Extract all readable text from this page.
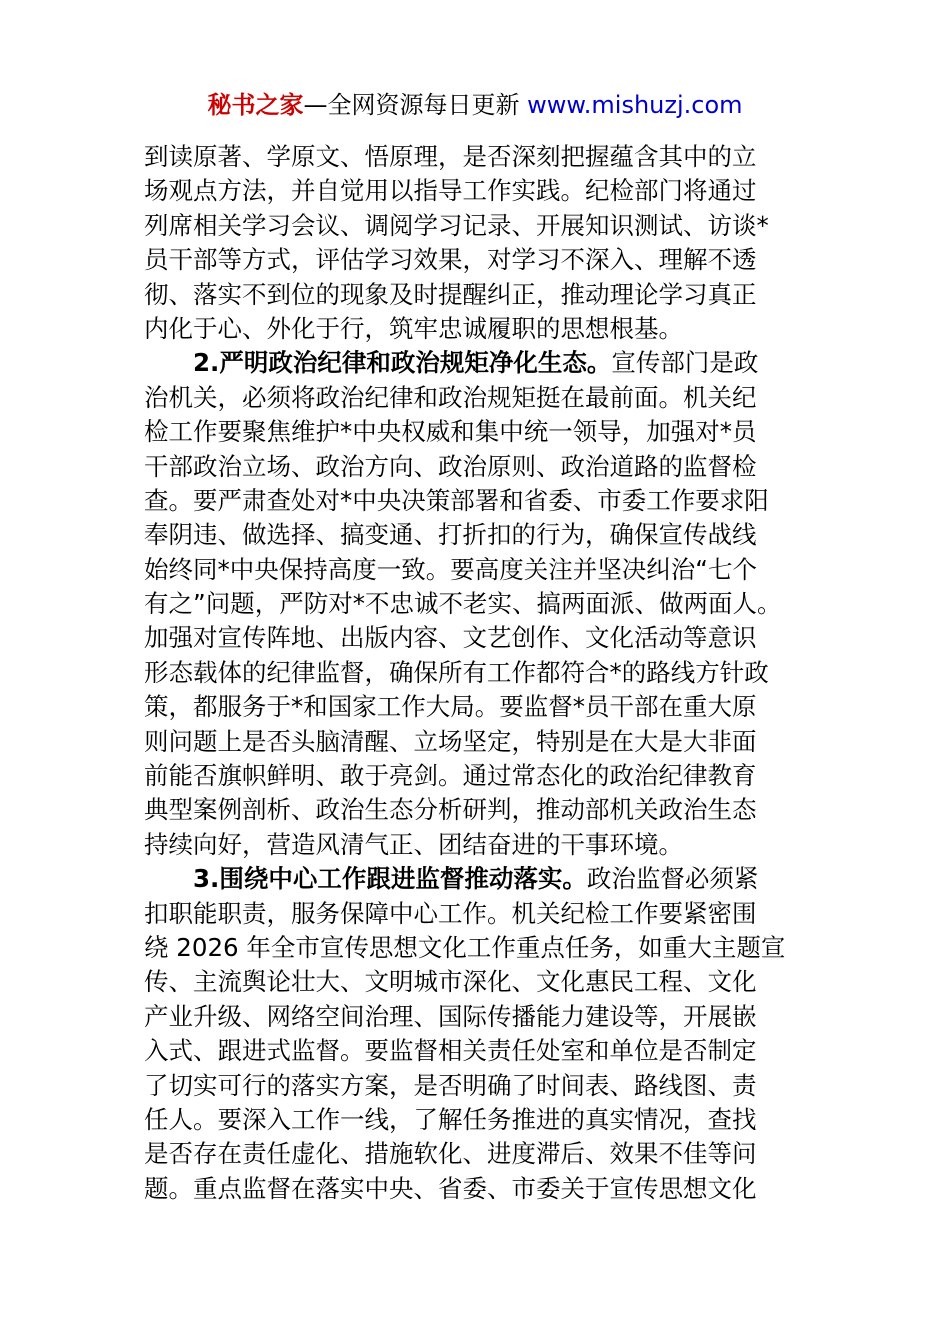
秘书之家—全网资源每日更新 www.mishuzj.com
到读原著、学原文、悟原理，是否深刻把握蕴含其中的立
场观点方法，并自觉用以指导工作实践。纪检部门将通过
列席相关学习会议、调阅学习记录、开展知识测试、访谈*
员干部等方式，评估学习效果，对学习不深入、理解不透
彻、落实不到位的现象及时提醒纠正，推动理论学习真正
内化于心、外化于行，筑牢忠诚履职的思想根基。
2.严明政治纪律和政治规矩净化生态。宣传部门是政
治机关，必须将政治纪律和政治规矩挺在最前面。机关纪
检工作要聚焦维护*中央权威和集中统一领导，加强对*员
干部政治立场、政治方向、政治原则、政治道路的监督检
查。要严肃查处对*中央决策部署和省委、市委工作要求阳
奉阴违、做选择、搞变通、打折扣的行为，确保宣传战线
始终同*中央保持高度一致。要高度关注并坚决纠治“七个
有之”问题，严防对*不忠诚不老实、搞两面派、做两面人。
加强对宣传阵地、出版内容、文艺创作、文化活动等意识
形态载体的纪律监督，确保所有工作都符合*的路线方针政
策，都服务于*和国家工作大局。要监督*员干部在重大原
则问题上是否头脑清醒、立场坚定，特别是在大是大非面
前能否旗帜鲜明、敢于亮剑。通过常态化的政治纪律教育
典型案例剖析、政治生态分析研判，推动部机关政治生态
持续向好，营造风清气正、团结奋进的干事环境。
3.围绕中心工作跟进监督推动落实。政治监督必须紧
扣职能职责，服务保障中心工作。机关纪检工作要紧密围
绕 2026 年全市宣传思想文化工作重点任务，如重大主题宣
传、主流舆论壮大、文明城市深化、文化惠民工程、文化
产业升级、网络空间治理、国际传播能力建设等，开展嵌
入式、跟进式监督。要监督相关责任处室和单位是否制定
了切实可行的落实方案，是否明确了时间表、路线图、责
任人。要深入工作一线，了解任务推进的真实情况，查找
是否存在责任虚化、措施软化、进度滞后、效果不佳等问
题。重点监督在落实中央、省委、市委关于宣传思想文化
